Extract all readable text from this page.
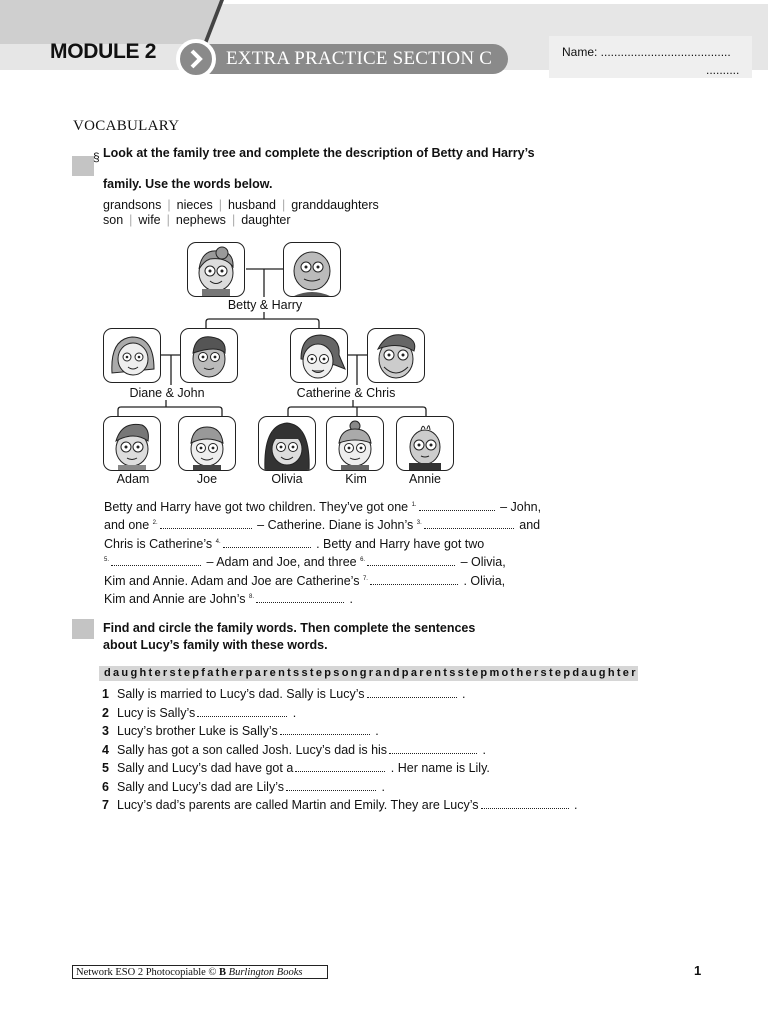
MODULE 2	EXTRA PRACTICE SECTION C	Name: .......................................
..........
VOCABULARY
§ Look at the family tree and complete the description of Betty and Harry’s
family. Use the words below.
grandsons | nieces | husband | granddaughters
son | wife | nephews | daughter
Betty & Harry
Diane & John	Catherine & Chris
Adam	Joe	Olivia	Kim	Annie
Betty and Harry have got two children. They’ve got one $^{1.}$	– John,
and one $^{2.}$	– Catherine. Diane is John’s $^{3.}$	and
Chris is Catherine’s $^{4.}$	. Betty and Harry have got two
$^{5.}$	– Adam and Joe, and three $^{6.}$	– Olivia,
Kim and Annie. Adam and Joe are Catherine’s $^{7.}$	. Olivia,
Kim and Annie are John’s $^{8.}$	.
Find and circle the family words. Then complete the sentences
about Lucy’s family with these words.
daughterstepfatherparentsstepsongrandparentsstepmotherstepdaughter
1 Sally is married to Lucy’s dad. Sally is Lucy’s	.
2 Lucy is Sally’s	.
3 Lucy’s brother Luke is Sally’s	.
4 Sally has got a son called Josh. Lucy’s dad is his	.
5 Sally and Lucy’s dad have got a	. Her name is Lily.
6 Sally and Lucy’s dad are Lily’s	.
7 Lucy’s dad’s parents are called Martin and Emily. They are Lucy’s	.
Network ESO 2 Photocopiable © B Burlington Books	1
